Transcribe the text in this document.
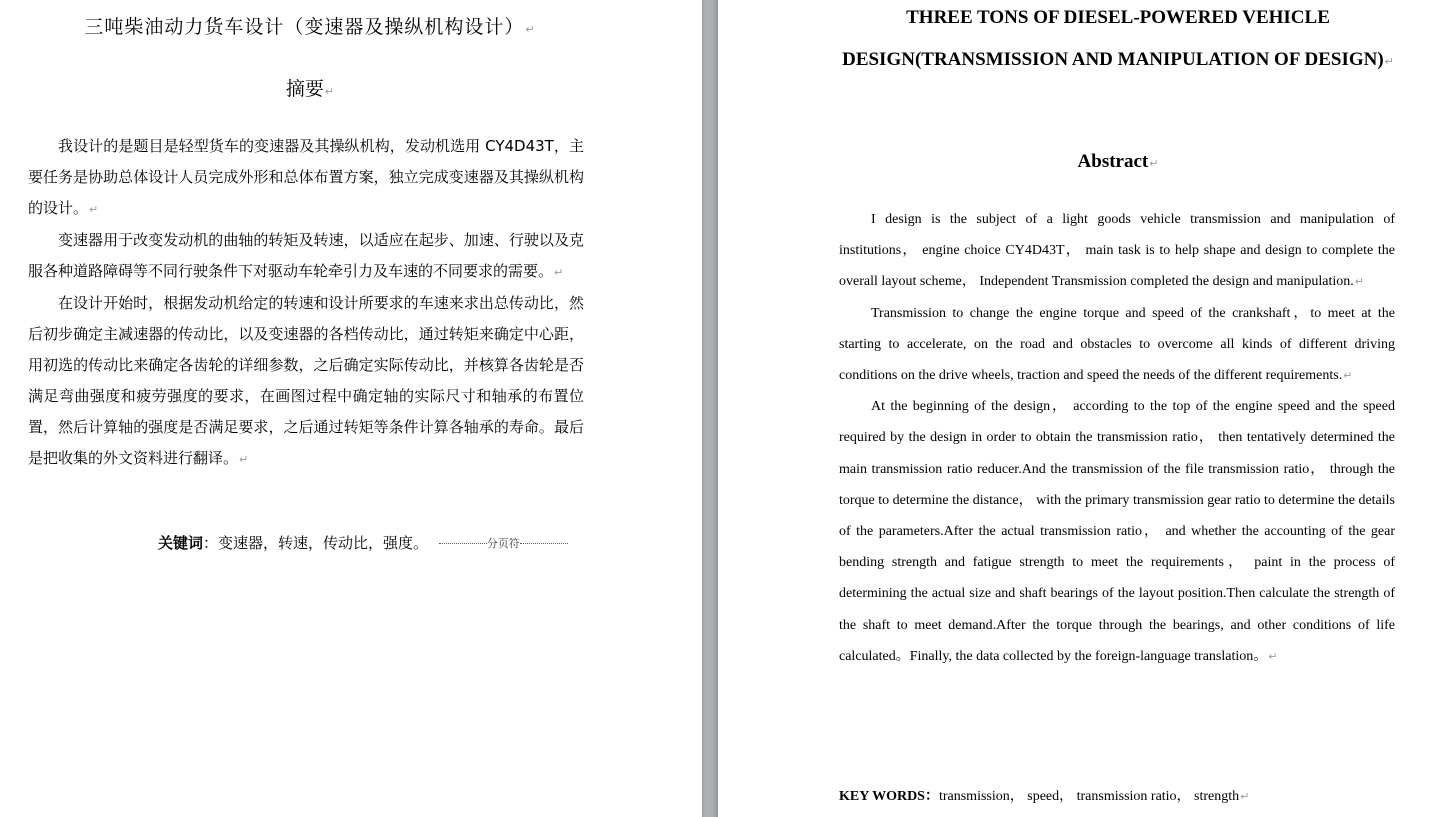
三吨柴油动力货车设计（变速器及操纵机构设计）↵
摘要↵

我设计的是题目是轻型货车的变速器及其操纵机构，发动机选用 CY4D43T，主要任务是协助总体设计人员完成外形和总体布置方案，独立完成变速器及其操纵机构的设计。↵

变速器用于改变发动机的曲轴的转矩及转速，以适应在起步、加速、行驶以及克服各种道路障碍等不同行驶条件下对驱动车轮牵引力及车速的不同要求的需要。↵

在设计开始时，根据发动机给定的转速和设计所要求的车速来求出总传动比，然后初步确定主减速器的传动比，以及变速器的各档传动比，通过转矩来确定中心距，用初选的传动比来确定各齿轮的详细参数，之后确定实际传动比，并核算各齿轮是否满足弯曲强度和疲劳强度的要求，在画图过程中确定轴的实际尺寸和轴承的布置位置，然后计算轴的强度是否满足要求，之后通过转矩等条件计算各轴承的寿命。最后是把收集的外文资料进行翻译。↵

关键词：变速器，转速，传动比，强度。	分页符
THREE TONS OF DIESEL-POWERED VEHICLE DESIGN(TRANSMISSION AND MANIPULATION OF DESIGN)↵
Abstract↵

I design is the subject of a light goods vehicle transmission and manipulation of institutions， engine choice CY4D43T， main task is to help shape and design to complete the overall layout scheme， Independent Transmission completed the design and manipulation.↵

Transmission to change the engine torque and speed of the crankshaft，to meet at the starting to accelerate, on the road and obstacles to overcome all kinds of different driving conditions on the drive wheels, traction and speed the needs of the different requirements.↵

At the beginning of the design， according to the top of the engine speed and the speed required by the design in order to obtain the transmission ratio， then tentatively determined the main transmission ratio reducer.And the transmission of the file transmission ratio， through the torque to determine the distance， with the primary transmission gear ratio to determine the details of the parameters.After the actual transmission ratio， and whether the accounting of the gear bending strength and fatigue strength to meet the requirements， paint in the process of determining the actual size and shaft bearings of the layout position.Then calculate the strength of the shaft to meet demand.After the torque through the bearings, and other conditions of life calculated。Finally, the data collected by the foreign-language translation。↵

KEY WORDS：transmission， speed， transmission ratio， strength↵
